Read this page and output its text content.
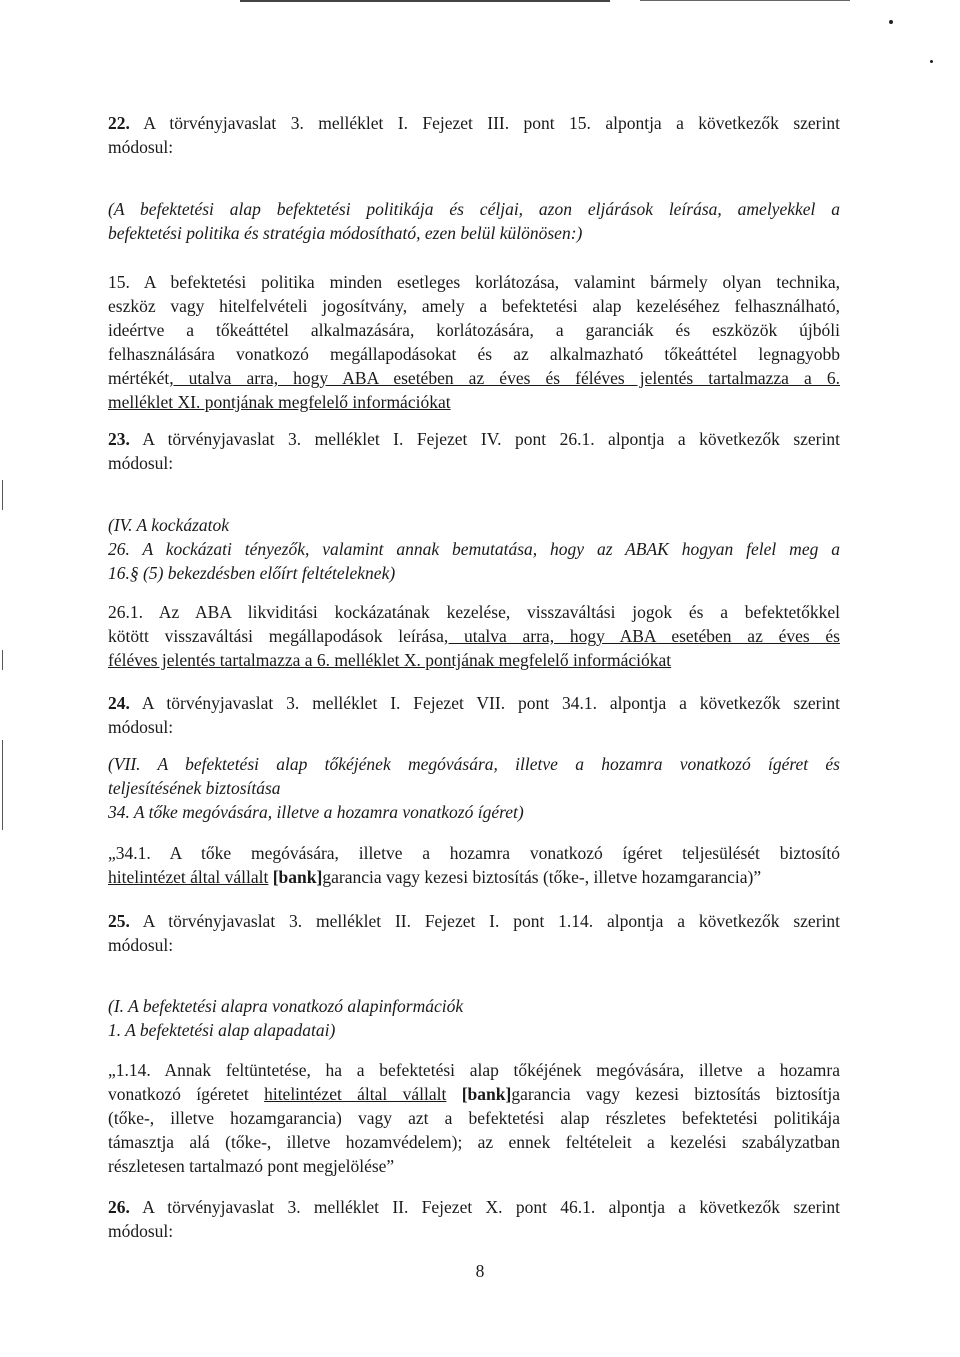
22. A törvényjavaslat 3. melléklet I. Fejezet III. pont 15. alpontja a következők szerint

módosul:

(A befektetési alap befektetési politikája és céljai, azon eljárások leírása, amelyekkel a

befektetési politika és stratégia módosítható, ezen belül különösen:)

15. A befektetési politika minden esetleges korlátozása, valamint bármely olyan technika,

eszköz vagy hitelfelvételi jogosítvány, amely a befektetési alap kezeléséhez felhasználható,

ideértve a tőkeáttétel alkalmazására, korlátozására, a garanciák és eszközök újbóli

felhasználására vonatkozó megállapodásokat és az alkalmazható tőkeáttétel legnagyobb

mértékét, utalva arra, hogy ABA esetében az éves és féléves jelentés tartalmazza a 6.

melléklet XI. pontjának megfelelő információkat

23. A törvényjavaslat 3. melléklet I. Fejezet IV. pont 26.1. alpontja a következők szerint

módosul:

(IV. A kockázatok

26. A kockázati tényezők, valamint annak bemutatása, hogy az ABAK hogyan felel meg a

16.§ (5) bekezdésben előírt feltételeknek)

26.1. Az ABA likviditási kockázatának kezelése, visszaváltási jogok és a befektetőkkel

kötött visszaváltási megállapodások leírása, utalva arra, hogy ABA esetében az éves és

féléves jelentés tartalmazza a 6. melléklet X. pontjának megfelelő információkat

24. A törvényjavaslat 3. melléklet I. Fejezet VII. pont 34.1. alpontja a következők szerint

módosul:

(VII. A befektetési alap tőkéjének megóvására, illetve a hozamra vonatkozó ígéret és

teljesítésének biztosítása

34. A tőke megóvására, illetve a hozamra vonatkozó ígéret)

„34.1. A tőke megóvására, illetve a hozamra vonatkozó ígéret teljesülését biztosító

hitelintézet által vállalt [bank]garancia vagy kezesi biztosítás (tőke-, illetve hozamgarancia)”

25. A törvényjavaslat 3. melléklet II. Fejezet I. pont 1.14. alpontja a következők szerint

módosul:

(I. A befektetési alapra vonatkozó alapinformációk

1. A befektetési alap alapadatai)

„1.14. Annak feltüntetése, ha a befektetési alap tőkéjének megóvására, illetve a hozamra

vonatkozó ígéretet hitelintézet által vállalt [bank]garancia vagy kezesi biztosítás biztosítja

(tőke-, illetve hozamgarancia) vagy azt a befektetési alap részletes befektetési politikája

támasztja alá (tőke-, illetve hozamvédelem); az ennek feltételeit a kezelési szabályzatban

részletesen tartalmazó pont megjelölése”

26. A törvényjavaslat 3. melléklet II. Fejezet X. pont 46.1. alpontja a következők szerint

módosul:

8
